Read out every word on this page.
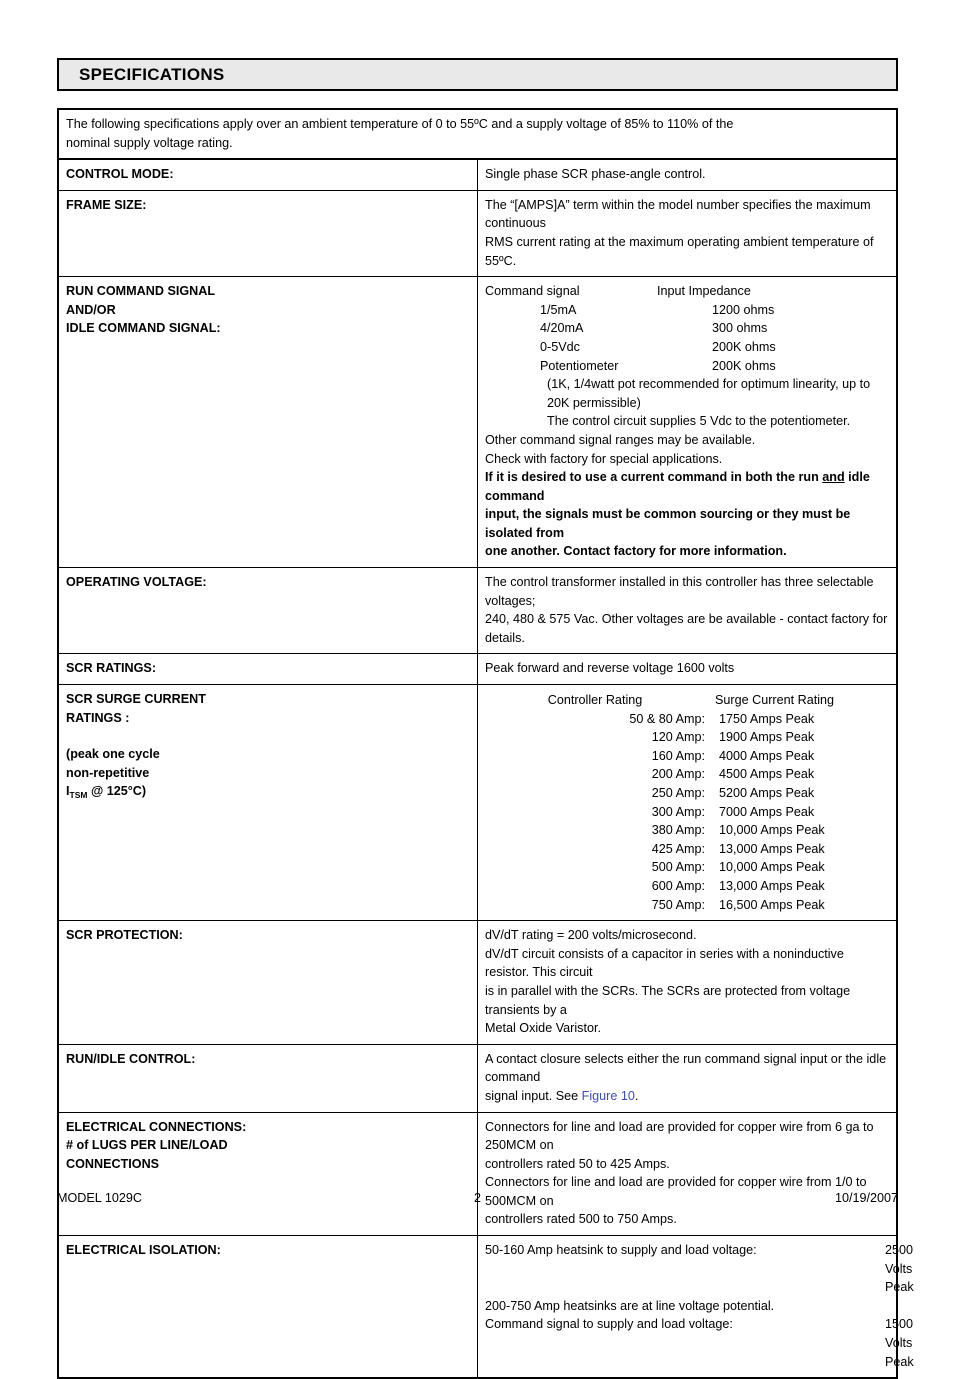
SPECIFICATIONS
The following specifications apply over an ambient temperature of 0 to 55ºC and a supply voltage of 85% to 110% of the
nominal supply voltage rating.	

CONTROL MODE:	Single phase SCR phase-angle control.

FRAME SIZE:	The “[AMPS]A” term within the model number specifies the maximum continuous
RMS current rating at the maximum operating ambient temperature of 55ºC.

RUN COMMAND SIGNAL
AND/OR
IDLE COMMAND SIGNAL:

Command signal	Input Impedance
1/5mA	1200 ohms
4/20mA	300 ohms
0-5Vdc	200K ohms
Potentiometer	200K ohms
(1K, 1/4watt pot recommended for optimum linearity, up to 20K permissible)
The control circuit supplies 5 Vdc to the potentiometer.
Other command signal ranges may be available.
Check with factory for special applications.
If it is desired to use a current command in both the run and idle command
input, the signals must be common sourcing or they must be isolated from
one another. Contact factory for more information.

OPERATING VOLTAGE:	The control transformer installed in this controller has three selectable voltages;
240, 480 & 575 Vac. Other voltages are be available - contact factory for details.

SCR RATINGS:	Peak forward and reverse voltage 1600 volts

SCR SURGE CURRENT
RATINGS :
(peak one cycle
non-repetitive
$I_{TSM}$ @ 125°C)

Controller Rating	Surge Current Rating
50 & 80 Amp:	1750 Amps Peak
120 Amp:	1900 Amps Peak
160 Amp:	4000 Amps Peak
200 Amp:	4500 Amps Peak
250 Amp:	5200 Amps Peak
300 Amp:	7000 Amps Peak
380 Amp:	10,000 Amps Peak
425 Amp:	13,000 Amps Peak
500 Amp:	10,000 Amps Peak
600 Amp:	13,000 Amps Peak
750 Amp:	16,500 Amps Peak

SCR PROTECTION:	dV/dT rating = 200 volts/microsecond.
dV/dT circuit consists of a capacitor in series with a noninductive resistor. This circuit
is in parallel with the SCRs. The SCRs are protected from voltage transients by a
Metal Oxide Varistor.

RUN/IDLE CONTROL:	A contact closure selects either the run command signal input or the idle command
signal input. See Figure 10.

ELECTRICAL CONNECTIONS:
# of LUGS PER LINE/LOAD
CONNECTIONS

Connectors for line and load are provided for copper wire from 6 ga to 250MCM on
controllers rated 50 to 425 Amps.
Connectors for line and load are provided for copper wire from 1/0 to 500MCM on
controllers rated 500 to 750 Amps.

ELECTRICAL ISOLATION:	50-160 Amp heatsink to supply and load voltage: 2500 Volts Peak
200-750 Amp heatsinks are at line voltage potential.
Command signal to supply and load voltage: 1500 Volts Peak
MODEL 1029C	2	10/19/2007
